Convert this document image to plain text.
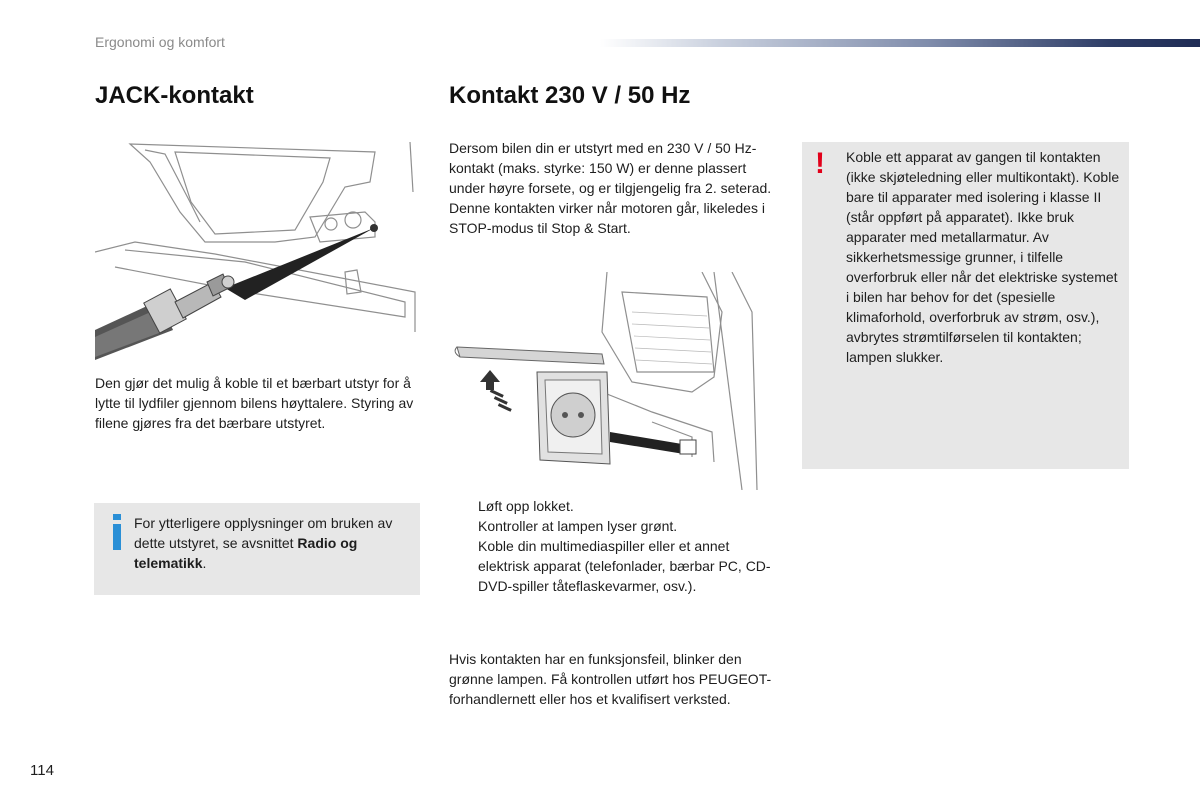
Ergonomi og komfort
JACK-kontakt	Kontakt 230 V / 50 Hz
Den gjør det mulig å koble til et bærbart utstyr for å lytte til lydfiler gjennom bilens høyttalere. Styring av filene gjøres fra det bærbare utstyret.
For ytterligere opplysninger om bruken av dette utstyret, se avsnittet Radio og telematikk.
Dersom bilen din er utstyrt med en 230 V / 50 Hz-kontakt (maks. styrke: 150 W) er denne plassert under høyre forsete, og er tilgjengelig fra 2. seterad. Denne kontakten virker når motoren går, likeledes i STOP-modus til Stop & Start.
! Koble ett apparat av gangen til kontakten (ikke skjøteledning eller multikontakt). Koble bare til apparater med isolering i klasse II (står oppført på apparatet). Ikke bruk apparater med metallarmatur. Av sikkerhetsmessige grunner, i tilfelle overforbruk eller når det elektriske systemet i bilen har behov for det (spesielle klimaforhold, overforbruk av strøm, osv.), avbrytes strømtilførselen til kontakten; lampen slukker.
Løft opp lokket.
Kontroller at lampen lyser grønt.
Koble din multimediaspiller eller et annet elektrisk apparat (telefonlader, bærbar PC, CD-DVD-spiller tåteflaskevarmer, osv.).
Hvis kontakten har en funksjonsfeil, blinker den grønne lampen. Få kontrollen utført hos PEUGEOT-forhandlernett eller hos et kvalifisert verksted.
114
